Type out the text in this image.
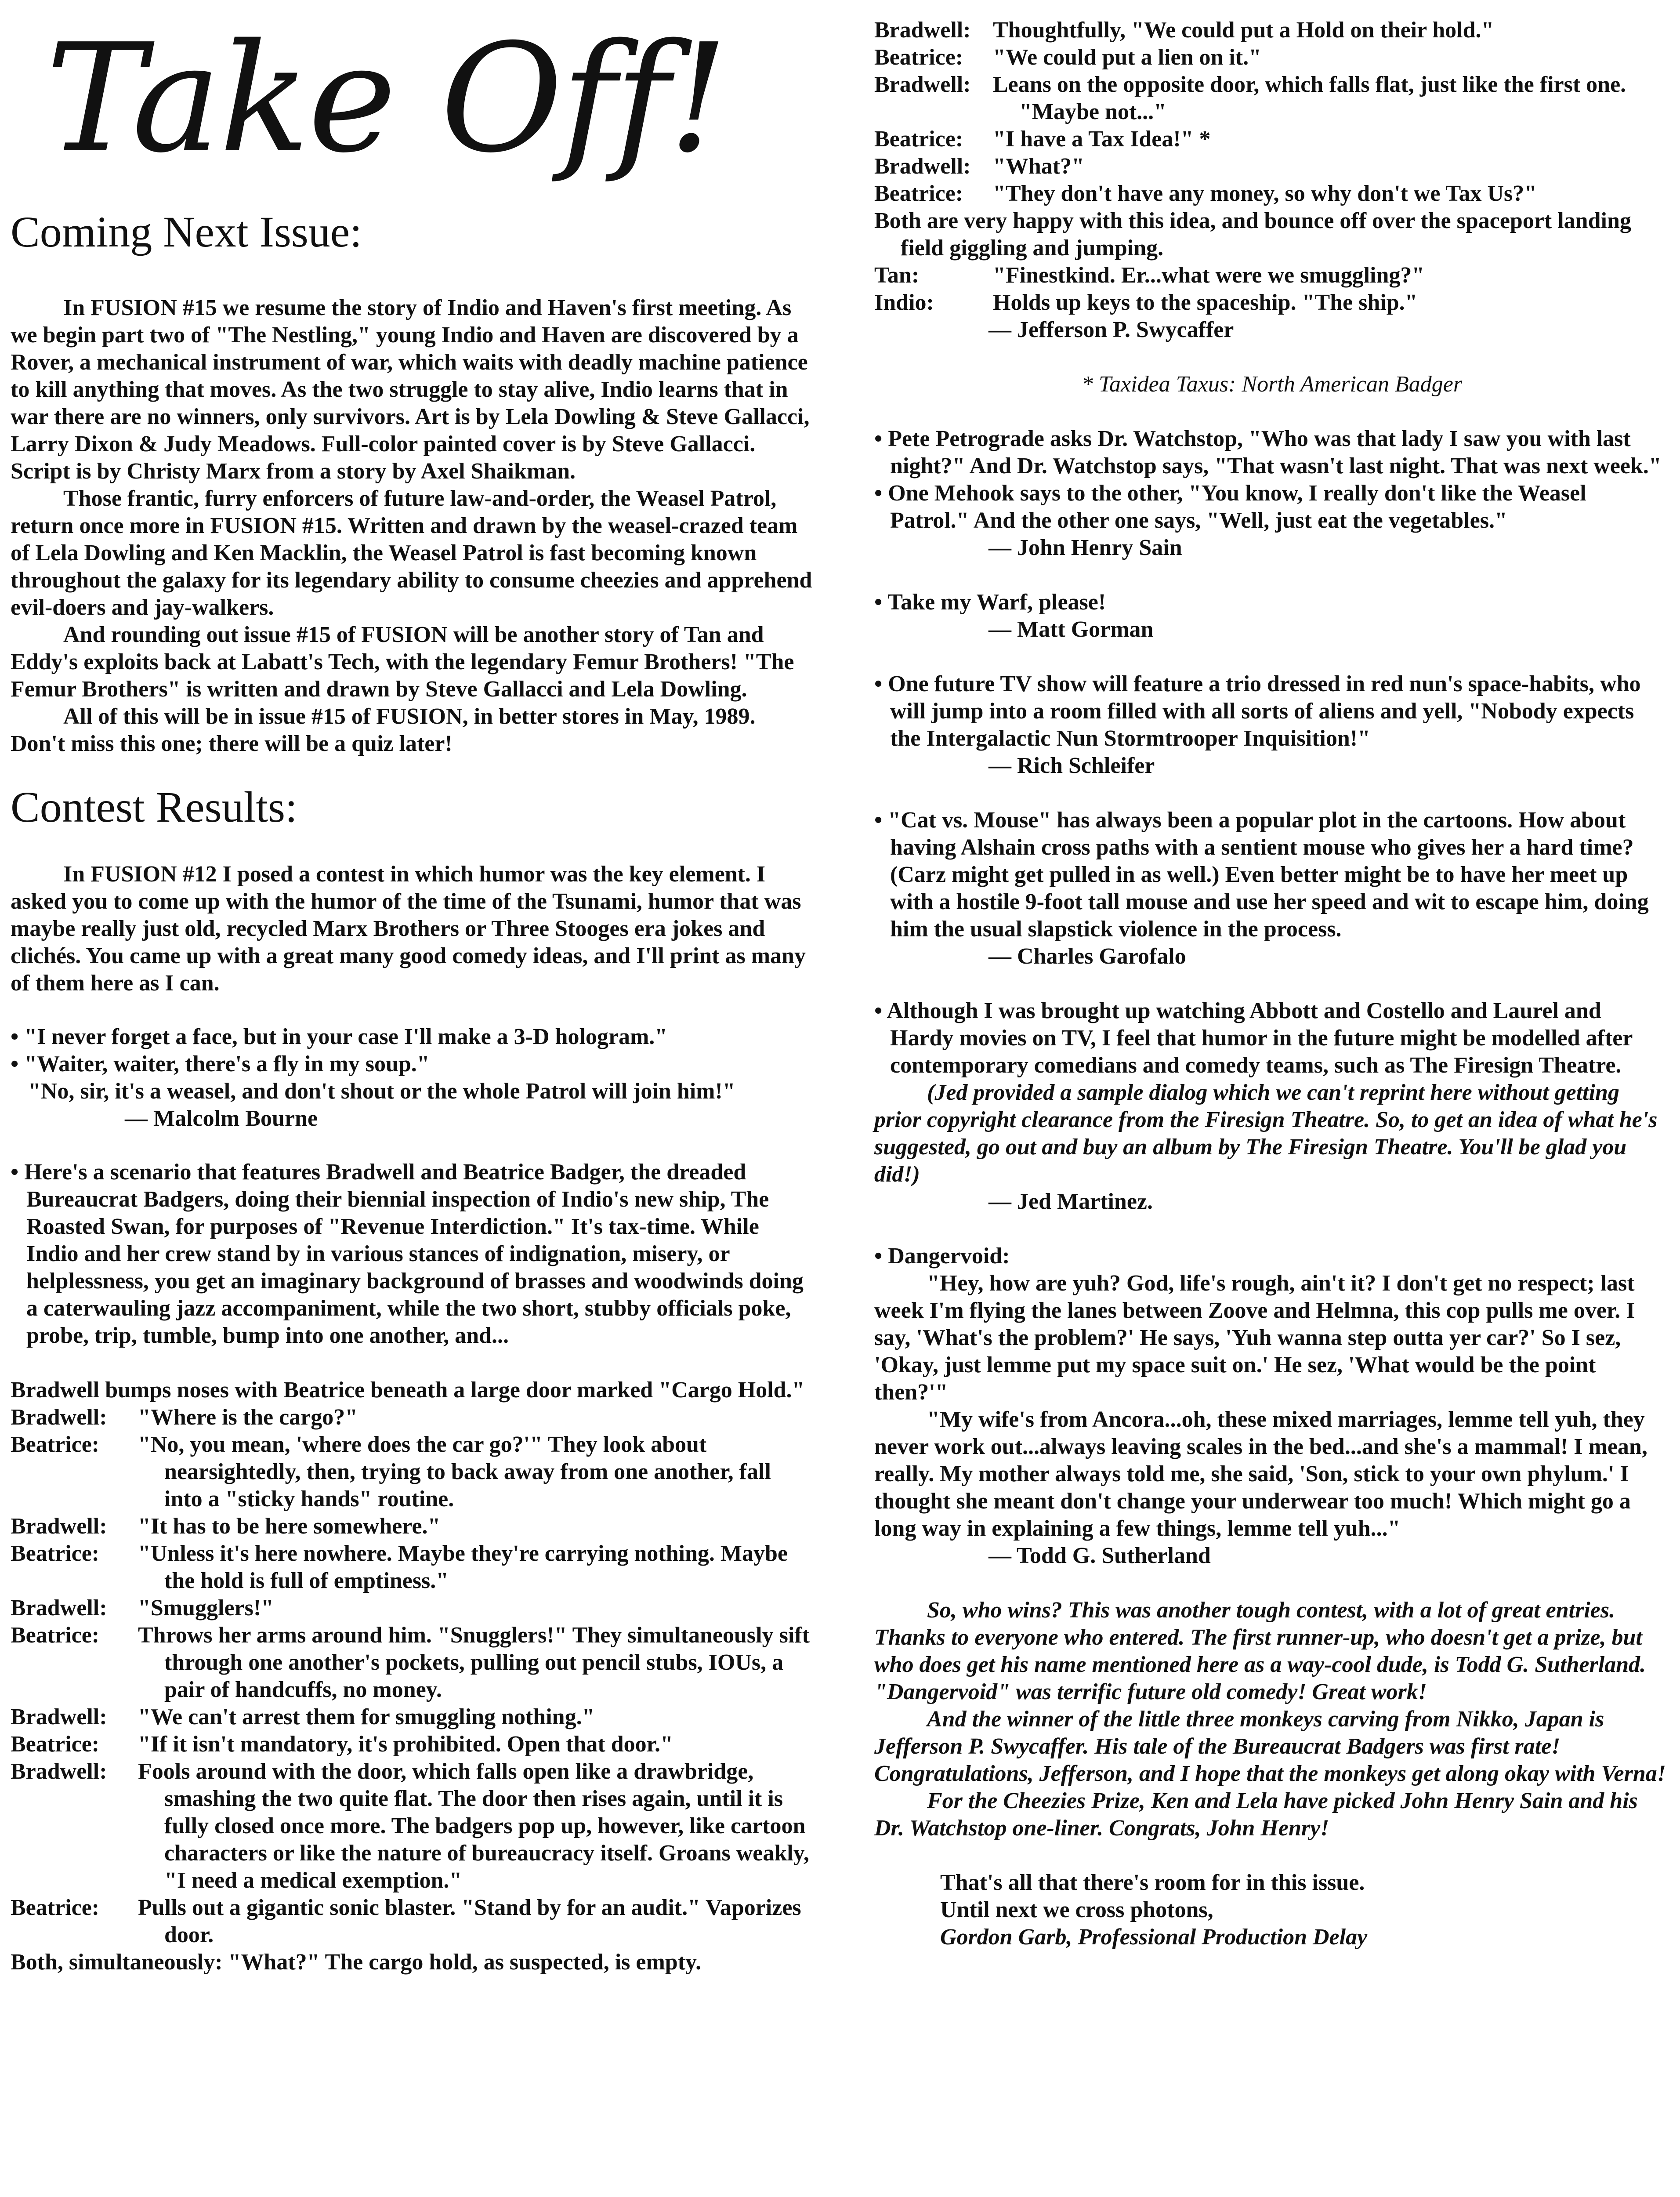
Take Off!
Coming Next Issue:

In FUSION #15 we resume the story of Indio and Haven's first meeting. As we begin part two of "The Nestling," young Indio and Haven are discovered by a Rover, a mechanical instrument of war, which waits with deadly machine patience to kill anything that moves. As the two struggle to stay alive, Indio learns that in war there are no winners, only survivors. Art is by Lela Dowling & Steve Gallacci, Larry Dixon & Judy Meadows. Full-color painted cover is by Steve Gallacci. Script is by Christy Marx from a story by Axel Shaikman.

Those frantic, furry enforcers of future law-and-order, the Weasel Patrol, return once more in FUSION #15. Written and drawn by the weasel-crazed team of Lela Dowling and Ken Macklin, the Weasel Patrol is fast becoming known throughout the galaxy for its legendary ability to consume cheezies and apprehend evil-doers and jay-walkers.

And rounding out issue #15 of FUSION will be another story of Tan and Eddy's exploits back at Labatt's Tech, with the legendary Femur Brothers! "The Femur Brothers" is written and drawn by Steve Gallacci and Lela Dowling.

All of this will be in issue #15 of FUSION, in better stores in May, 1989. Don't miss this one; there will be a quiz later!

Contest Results:

In FUSION #12 I posed a contest in which humor was the key element. I asked you to come up with the humor of the time of the Tsunami, humor that was maybe really just old, recycled Marx Brothers or Three Stooges era jokes and clichés. You came up with a great many good comedy ideas, and I'll print as many of them here as I can.

• "I never forget a face, but in your case I'll make a 3-D hologram."

• "Waiter, waiter, there's a fly in my soup."

"No, sir, it's a weasel, and don't shout or the whole Patrol will join him!"

— Malcolm Bourne

• Here's a scenario that features Bradwell and Beatrice Badger, the dreaded Bureaucrat Badgers, doing their biennial inspection of Indio's new ship, The Roasted Swan, for purposes of "Revenue Interdiction." It's tax-time. While Indio and her crew stand by in various stances of indignation, misery, or helplessness, you get an imaginary background of brasses and woodwinds doing a caterwauling jazz accompaniment, while the two short, stubby officials poke, probe, trip, tumble, bump into one another, and...

Bradwell bumps noses with Beatrice beneath a large door marked "Cargo Hold."

Bradwell:	"Where is the cargo?"
Beatrice:	"No, you mean, 'where does the car go?'" They look about nearsightedly, then, trying to back away from one another, fall into a "sticky hands" routine.
Bradwell:	"It has to be here somewhere."
Beatrice:	"Unless it's here nowhere. Maybe they're carrying nothing. Maybe the hold is full of emptiness."
Bradwell:	"Smugglers!"
Beatrice:	Throws her arms around him. "Snugglers!" They simultaneously sift through one another's pockets, pulling out pencil stubs, IOUs, a pair of handcuffs, no money.
Bradwell:	"We can't arrest them for smuggling nothing."
Beatrice:	"If it isn't mandatory, it's prohibited. Open that door."
Bradwell:	Fools around with the door, which falls open like a drawbridge, smashing the two quite flat. The door then rises again, until it is fully closed once more. The badgers pop up, however, like cartoon characters or like the nature of bureaucracy itself. Groans weakly, "I need a medical exemption."
Beatrice:	Pulls out a gigantic sonic blaster. "Stand by for an audit." Vaporizes door.

Both, simultaneously: "What?" The cargo hold, as suspected, is empty.

Bradwell: Thoughtfully, "We could put a Hold on their hold."
Beatrice:	"We could put a lien on it."
Bradwell: Leans on the opposite door, which falls flat, just like the first one. "Maybe not..."
Beatrice:	"I have a Tax Idea!" *
Bradwell: "What?"
Beatrice:	"They don't have any money, so why don't we Tax Us?"

Both are very happy with this idea, and bounce off over the spaceport landing field giggling and jumping.

Tan:	"Finestkind. Er...what were we smuggling?"
Indio:	Holds up keys to the spaceship. "The ship."

— Jefferson P. Swycaffer

* Taxidea Taxus: North American Badger

• Pete Petrograde asks Dr. Watchstop, "Who was that lady I saw you with last night?" And Dr. Watchstop says, "That wasn't last night. That was next week."

• One Mehook says to the other, "You know, I really don't like the Weasel Patrol." And the other one says, "Well, just eat the vegetables."

— John Henry Sain

• Take my Warf, please!

— Matt Gorman

• One future TV show will feature a trio dressed in red nun's space-habits, who will jump into a room filled with all sorts of aliens and yell, "Nobody expects the Intergalactic Nun Stormtrooper Inquisition!"

— Rich Schleifer

• "Cat vs. Mouse" has always been a popular plot in the cartoons. How about having Alshain cross paths with a sentient mouse who gives her a hard time? (Carz might get pulled in as well.) Even better might be to have her meet up with a hostile 9-foot tall mouse and use her speed and wit to escape him, doing him the usual slapstick violence in the process.

— Charles Garofalo

• Although I was brought up watching Abbott and Costello and Laurel and Hardy movies on TV, I feel that humor in the future might be modelled after contemporary comedians and comedy teams, such as The Firesign Theatre.

(Jed provided a sample dialog which we can't reprint here without getting prior copyright clearance from the Firesign Theatre. So, to get an idea of what he's suggested, go out and buy an album by The Firesign Theatre. You'll be glad you did!)

— Jed Martinez.

• Dangervoid:

"Hey, how are yuh? God, life's rough, ain't it? I don't get no respect; last week I'm flying the lanes between Zoove and Helmna, this cop pulls me over. I say, 'What's the problem?' He says, 'Yuh wanna step outta yer car?' So I sez, 'Okay, just lemme put my space suit on.' He sez, 'What would be the point then?'"

"My wife's from Ancora...oh, these mixed marriages, lemme tell yuh, they never work out...always leaving scales in the bed...and she's a mammal! I mean, really. My mother always told me, she said, 'Son, stick to your own phylum.' I thought she meant don't change your underwear too much! Which might go a long way in explaining a few things, lemme tell yuh..."

— Todd G. Sutherland

So, who wins? This was another tough contest, with a lot of great entries. Thanks to everyone who entered. The first runner-up, who doesn't get a prize, but who does get his name mentioned here as a way-cool dude, is Todd G. Sutherland. "Dangervoid" was terrific future old comedy! Great work!

And the winner of the little three monkeys carving from Nikko, Japan is Jefferson P. Swycaffer. His tale of the Bureaucrat Badgers was first rate! Congratulations, Jefferson, and I hope that the monkeys get along okay with Verna!

For the Cheezies Prize, Ken and Lela have picked John Henry Sain and his Dr. Watchstop one-liner. Congrats, John Henry!

That's all that there's room for in this issue.

Until next we cross photons,

Gordon Garb, Professional Production Delay
